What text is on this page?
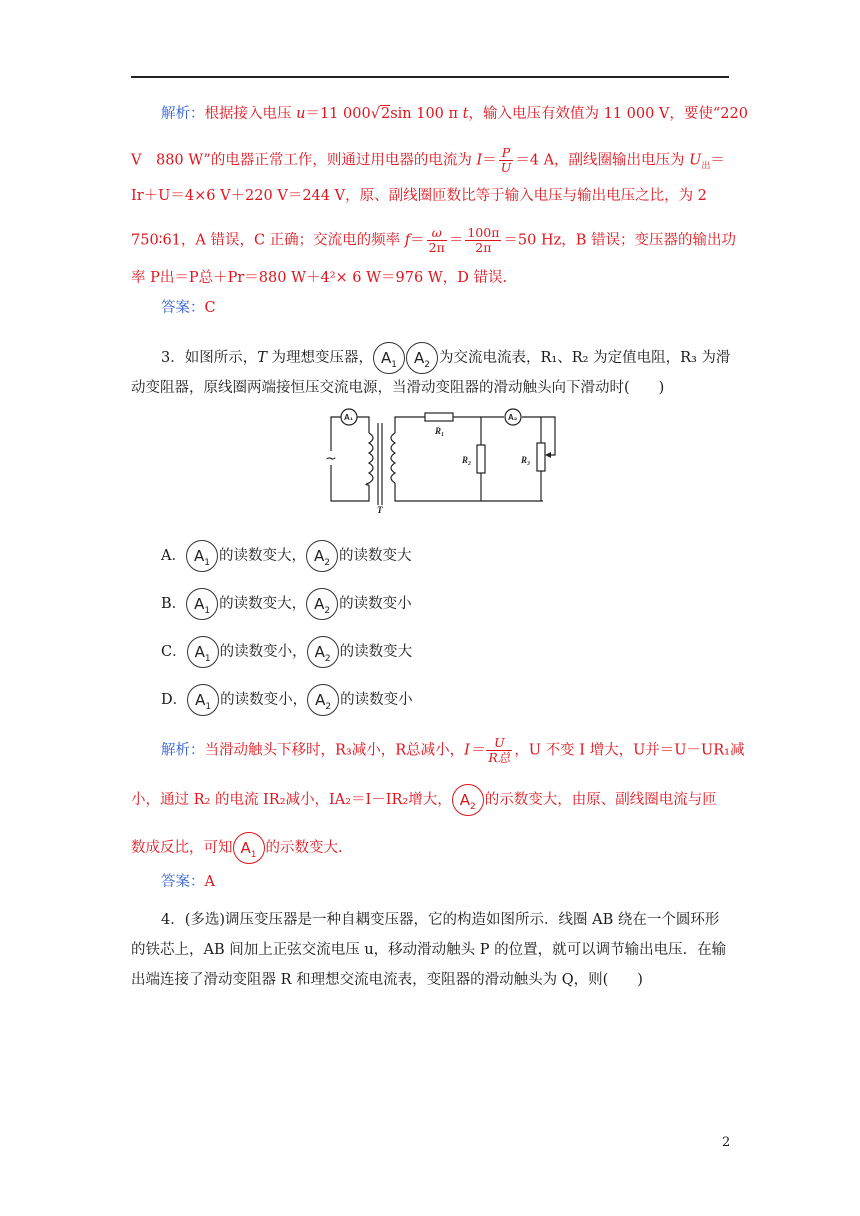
解析：根据接入电压 u＝11 000√2sin 100 π t，输入电压有效值为 11 000 V，要使“220
V　880 W”的电器正常工作，则通过用电器的电流为 $I= \frac{P}{U} =4$ A，副线圈输出电压为 $U_出=$
Ir＋U＝4×6 V＋220 V＝244 V，原、副线圈匝数比等于输入电压与输出电压之比，为 2
750∶61，A 错误，C 正确；交流电的频率 $f= \frac{\omega}{2\pi} = \frac{100\pi}{2\pi} =50$ Hz，B 错误；变压器的输出功
率 P出＝P总＋Pr＝880 W＋4²× 6 W＝976 W，D 错误.
答案：C
3．如图所示，T 为理想变压器， $A_1$ $A_2$ 为交流电流表，R₁、R₂ 为定值电阻，R₃ 为滑
动变阻器，原线圈两端接恒压交流电源，当滑动变阻器的滑动触头向下滑动时(　　)
A₁	A₂
~
R₁
R₂	R₃
T
A． $A_1$ 的读数变大， $A_2$ 的读数变大
B． $A_1$ 的读数变大， $A_2$ 的读数变小
C． $A_1$ 的读数变小， $A_2$ 的读数变大
D． $A_1$ 的读数变小， $A_2$ 的读数变小
解析：当滑动触头下移时，R₃减小，R总减小，$I= \frac{U}{\text{R总}}$ ，U 不变 I 增大，U并＝U－UR₁减
小，通过 R₂ 的电流 IR₂减小，IA₂＝I－IR₂增大， $A_2$ 的示数变大，由原、副线圈电流与匝
数成反比，可知 $A_1$ 的示数变大.
答案：A
4．(多选)调压变压器是一种自耦变压器，它的构造如图所示．线圈 AB 绕在一个圆环形
的铁芯上，AB 间加上正弦交流电压 u，移动滑动触头 P 的位置，就可以调节输出电压．在输
出端连接了滑动变阻器 R 和理想交流电流表，变阻器的滑动触头为 Q，则(　　)
2
